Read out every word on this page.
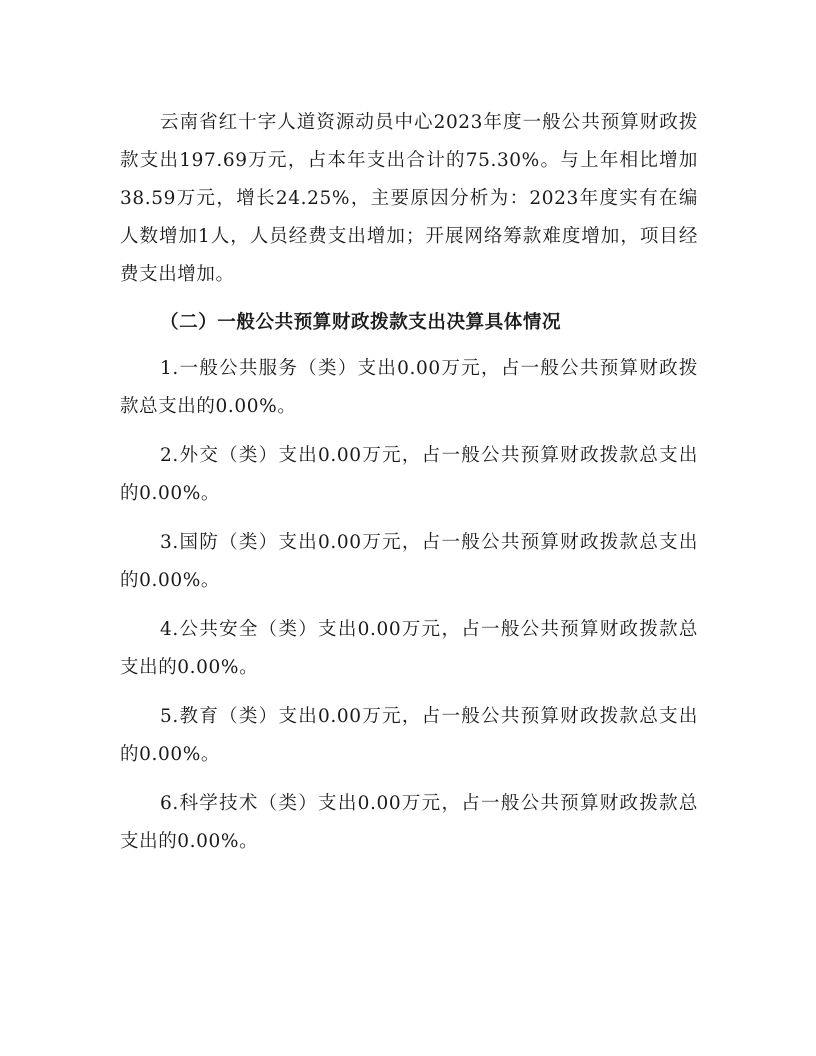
云南省红十字人道资源动员中心2023年度一般公共预算财政拨款支出197.69万元，占本年支出合计的75.30%。与上年相比增加38.59万元，增长24.25%，主要原因分析为：2023年度实有在编人数增加1人，人员经费支出增加；开展网络筹款难度增加，项目经费支出增加。

（二）一般公共预算财政拨款支出决算具体情况

1.一般公共服务（类）支出0.00万元，占一般公共预算财政拨款总支出的0.00%。

2.外交（类）支出0.00万元，占一般公共预算财政拨款总支出的0.00%。

3.国防（类）支出0.00万元，占一般公共预算财政拨款总支出的0.00%。

4.公共安全（类）支出0.00万元，占一般公共预算财政拨款总支出的0.00%。

5.教育（类）支出0.00万元，占一般公共预算财政拨款总支出的0.00%。

6.科学技术（类）支出0.00万元，占一般公共预算财政拨款总支出的0.00%。
